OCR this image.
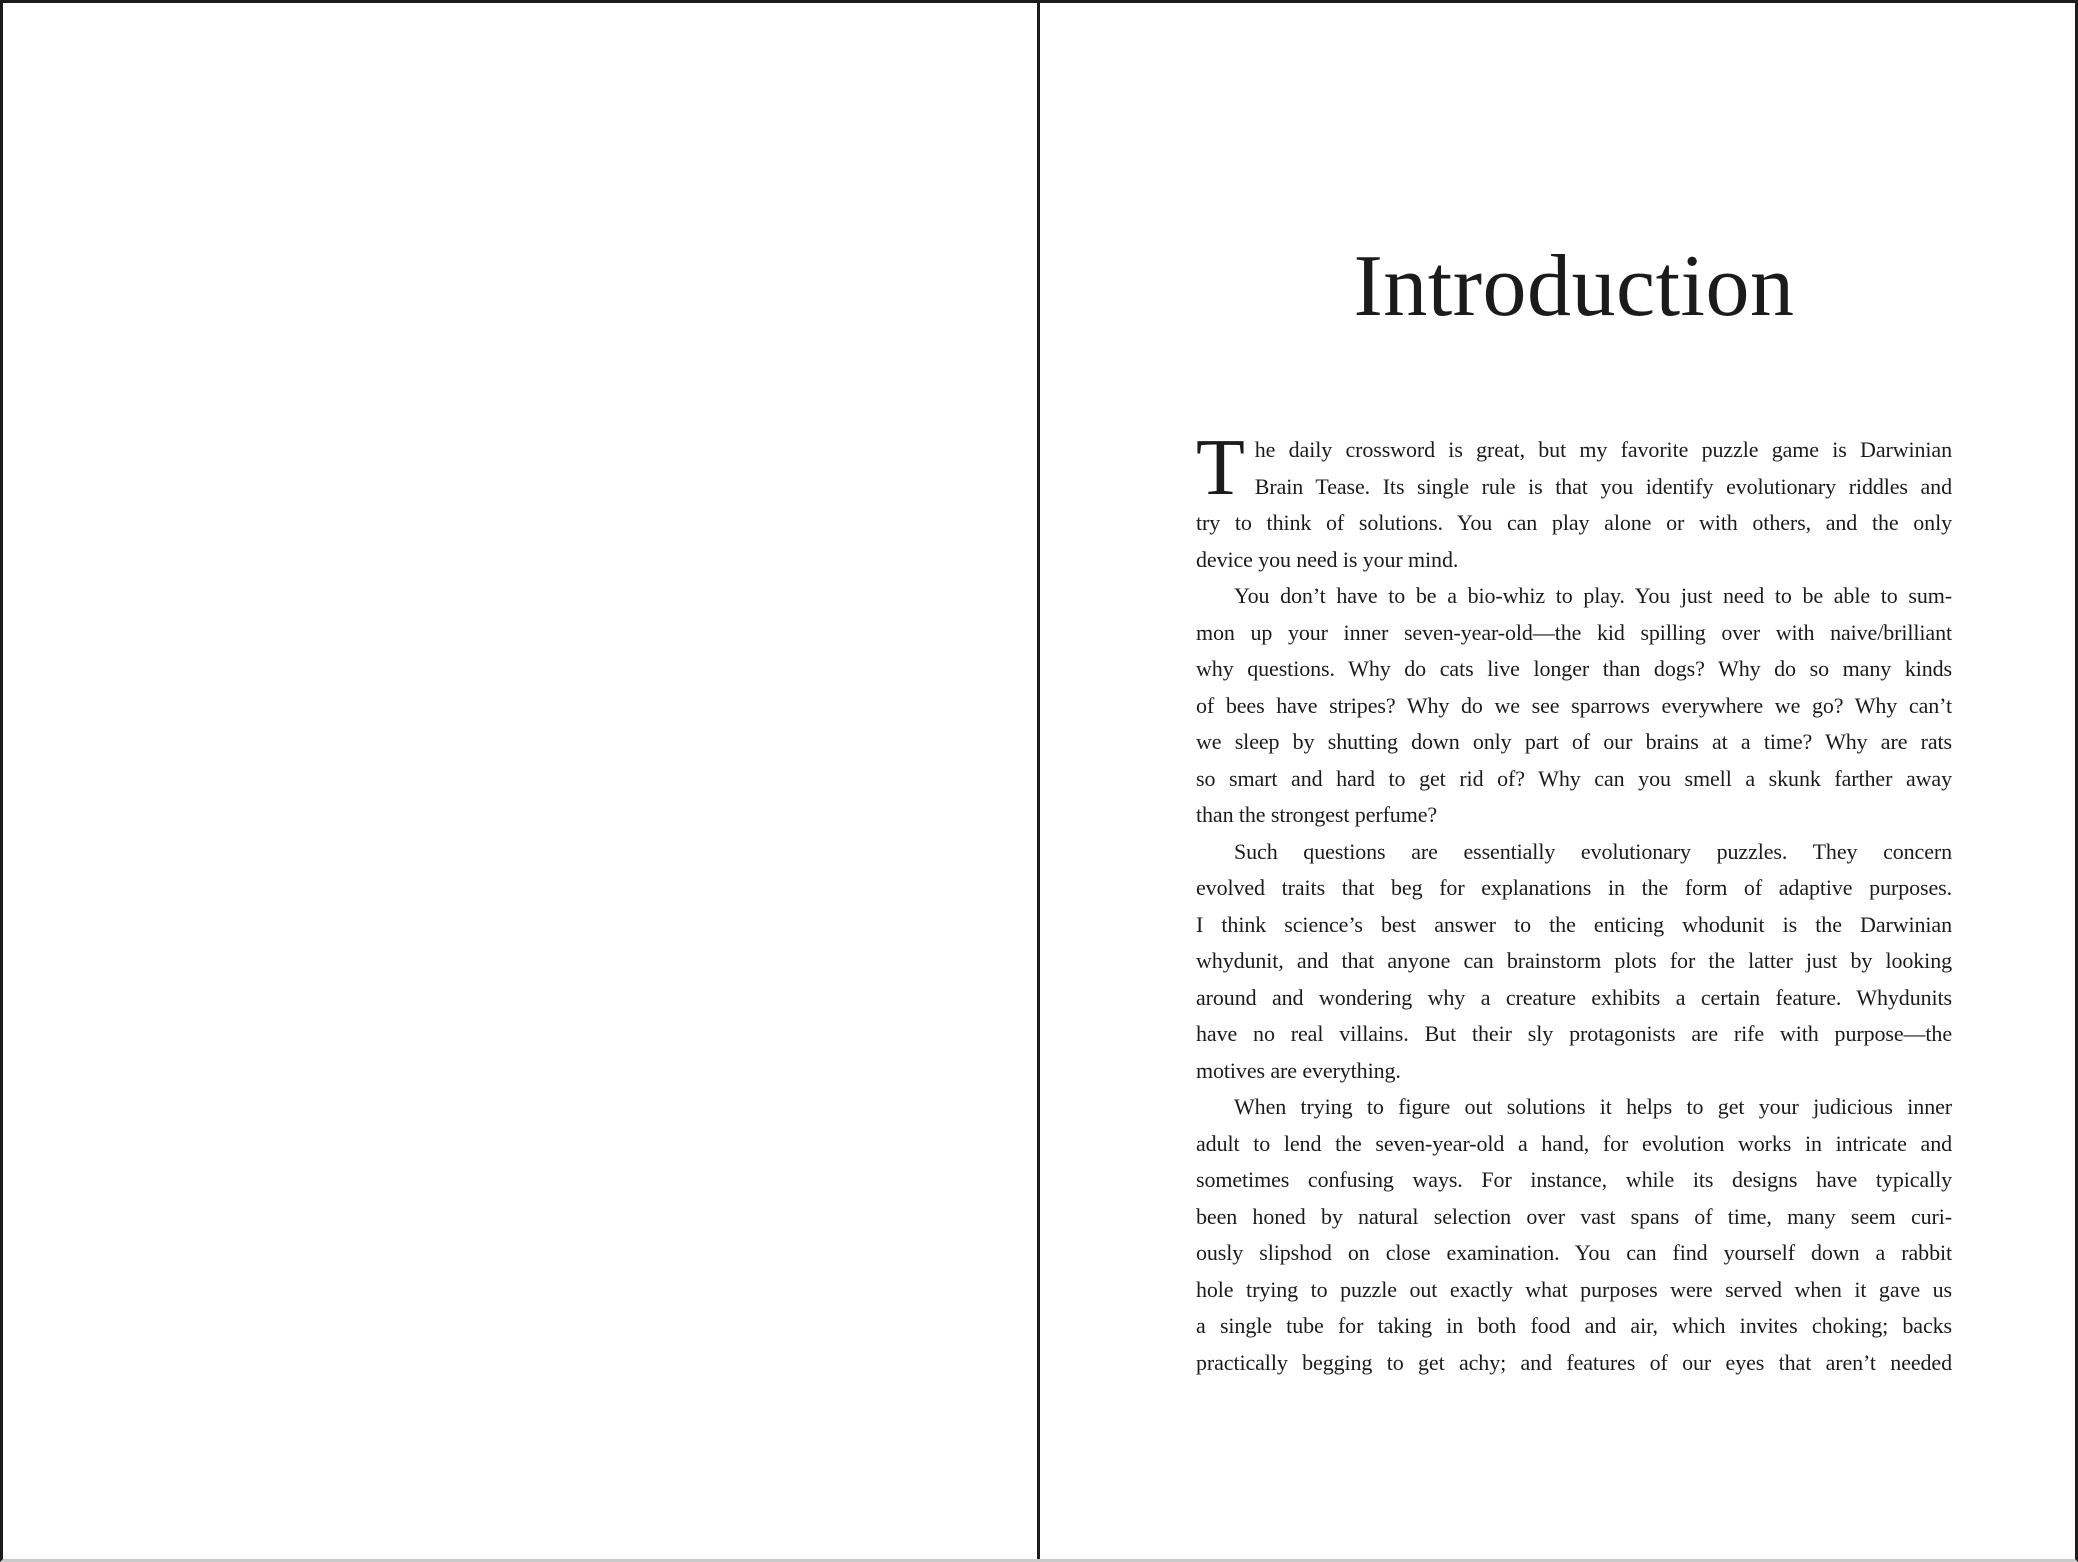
Introduction
T he daily crossword is great, but my favorite puzzle game is Darwinian
Brain Tease. Its single rule is that you identify evolutionary riddles and
try to think of solutions. You can play alone or with others, and the only
device you need is your mind.
You don’t have to be a bio-whiz to play. You just need to be able to sum-
mon up your inner seven-year-old—the kid spilling over with naive/brilliant
why questions. Why do cats live longer than dogs? Why do so many kinds
of bees have stripes? Why do we see sparrows everywhere we go? Why can’t
we sleep by shutting down only part of our brains at a time? Why are rats
so smart and hard to get rid of? Why can you smell a skunk farther away
than the strongest perfume?
Such questions are essentially evolutionary puzzles. They concern
evolved traits that beg for explanations in the form of adaptive purposes.
I think science’s best answer to the enticing whodunit is the Darwinian
whydunit, and that anyone can brainstorm plots for the latter just by looking
around and wondering why a creature exhibits a certain feature. Whydunits
have no real villains. But their sly protagonists are rife with purpose—the
motives are everything.
When trying to figure out solutions it helps to get your judicious inner
adult to lend the seven-year-old a hand, for evolution works in intricate and
sometimes confusing ways. For instance, while its designs have typically
been honed by natural selection over vast spans of time, many seem curi-
ously slipshod on close examination. You can find yourself down a rabbit
hole trying to puzzle out exactly what purposes were served when it gave us
a single tube for taking in both food and air, which invites choking; backs
practically begging to get achy; and features of our eyes that aren’t needed
